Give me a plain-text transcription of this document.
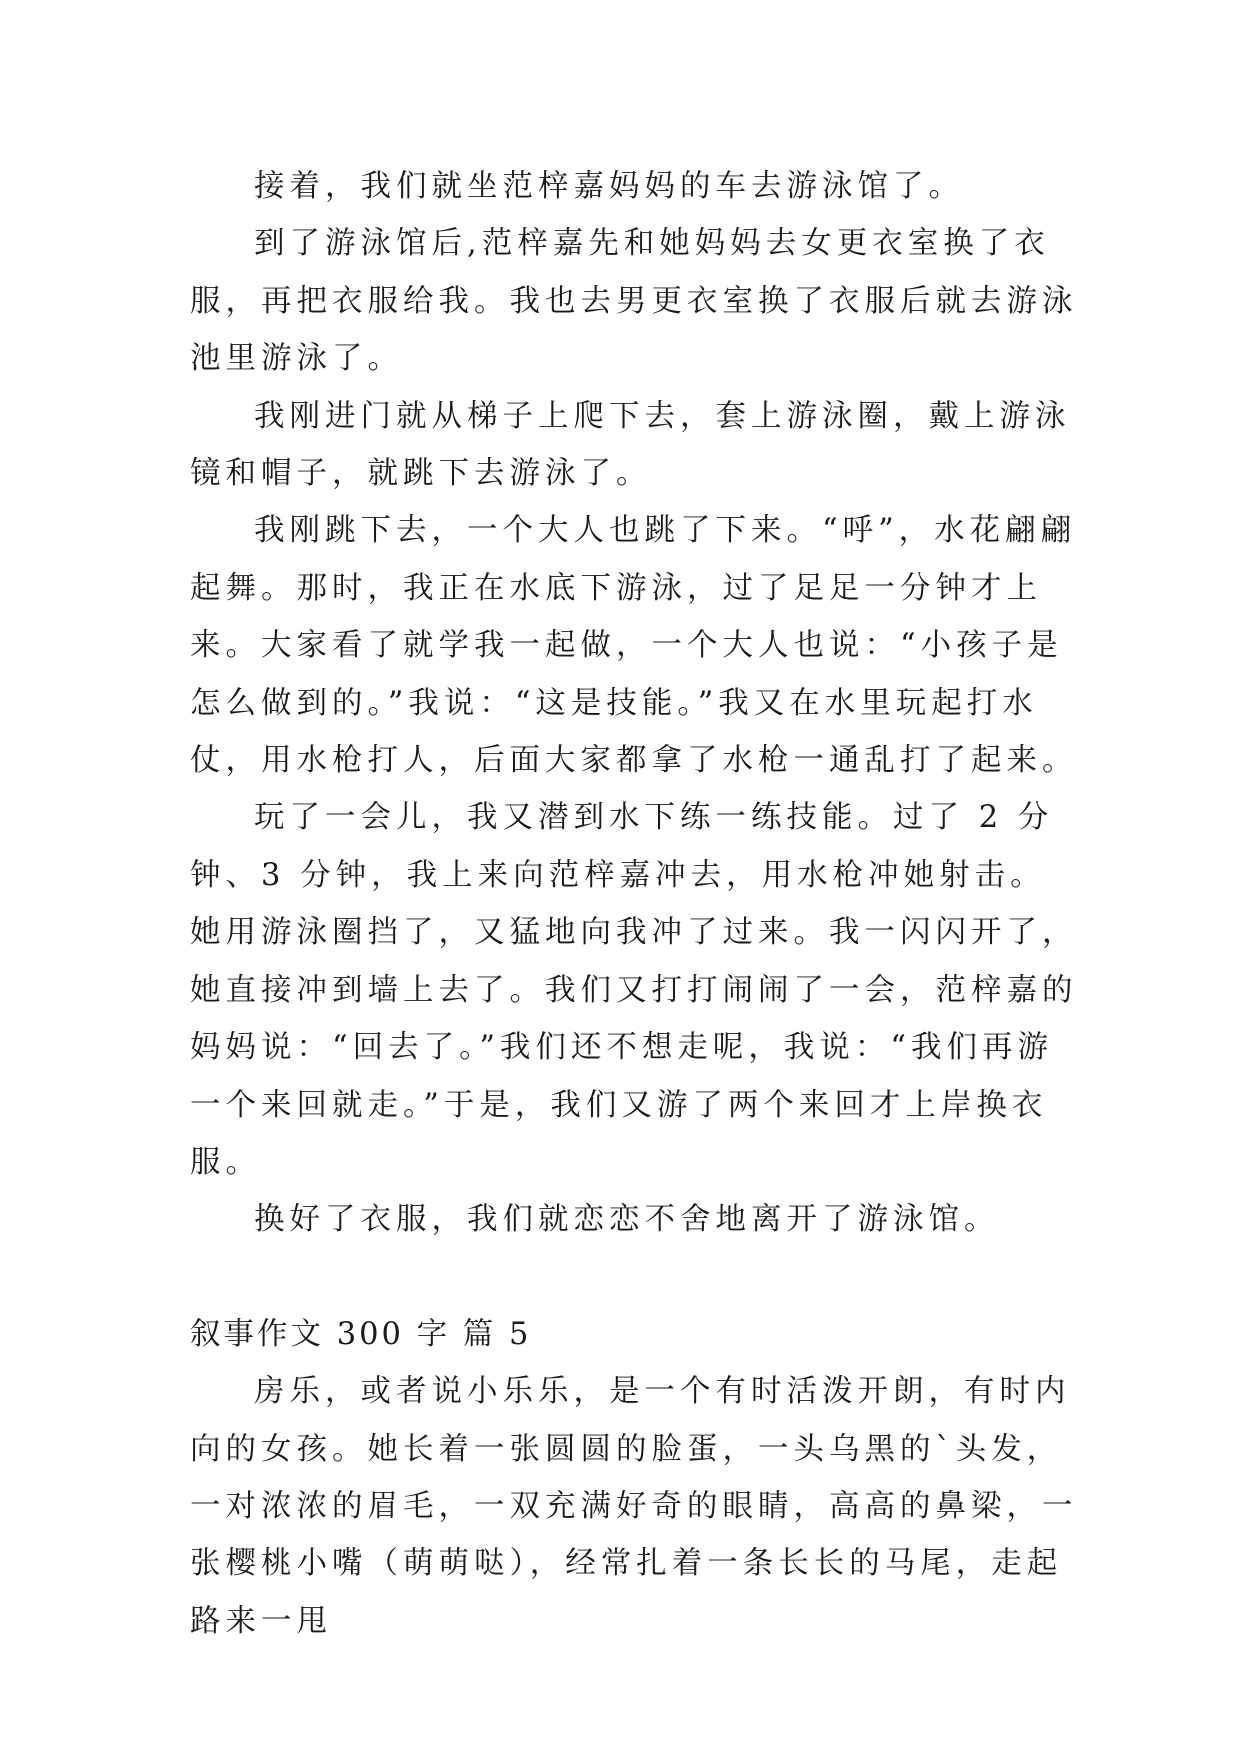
接着，我们就坐范梓嘉妈妈的车去游泳馆了。

到了游泳馆后,范梓嘉先和她妈妈去女更衣室换了衣服，再把衣服给我。我也去男更衣室换了衣服后就去游泳池里游泳了。

我刚进门就从梯子上爬下去，套上游泳圈，戴上游泳镜和帽子，就跳下去游泳了。

我刚跳下去，一个大人也跳了下来。“呼”，水花翩翩起舞。那时，我正在水底下游泳，过了足足一分钟才上来。大家看了就学我一起做，一个大人也说：“小孩子是怎么做到的。”我说：“这是技能。”我又在水里玩起打水仗，用水枪打人，后面大家都拿了水枪一通乱打了起来。

玩了一会儿，我又潜到水下练一练技能。过了 2 分钟、3 分钟，我上来向范梓嘉冲去，用水枪冲她射击。她用游泳圈挡了，又猛地向我冲了过来。我一闪闪开了，她直接冲到墙上去了。我们又打打闹闹了一会，范梓嘉的妈妈说：“回去了。”我们还不想走呢，我说：“我们再游一个来回就走。”于是，我们又游了两个来回才上岸换衣服。

换好了衣服，我们就恋恋不舍地离开了游泳馆。

叙事作文 300 字 篇 5

房乐，或者说小乐乐，是一个有时活泼开朗，有时内向的女孩。她长着一张圆圆的脸蛋，一头乌黑的`头发，一对浓浓的眉毛，一双充满好奇的眼睛，高高的鼻梁，一张樱桃小嘴（萌萌哒），经常扎着一条长长的马尾，走起路来一甩
